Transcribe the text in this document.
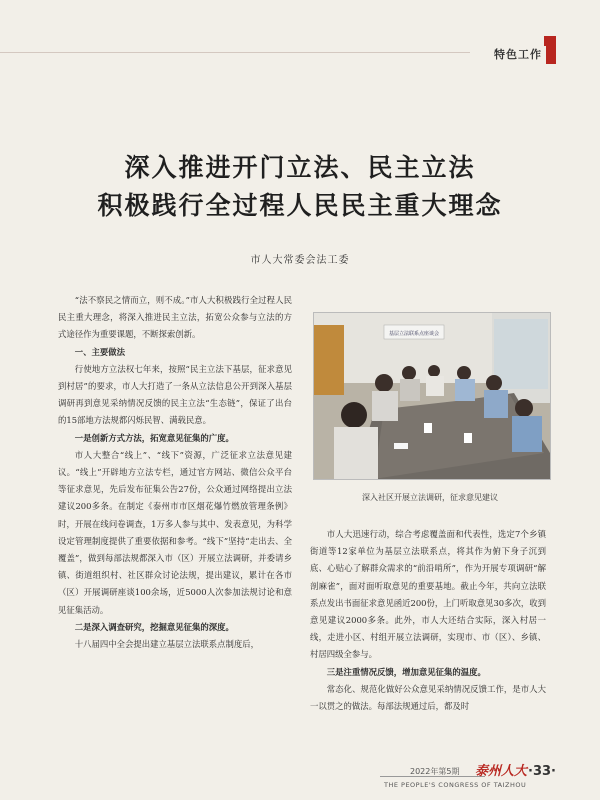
特色工作
深入推进开门立法、民主立法
积极践行全过程人民民主重大理念
市人大常委会法工委

“法不察民之情而立，则不成。”市人大积极践行全过程人民民主重大理念，将深入推进民主立法，拓宽公众参与立法的方式途径作为重要课题，不断探索创新。

一、主要做法

行使地方立法权七年来，按照“民主立法下基层，征求意见到村居”的要求，市人大打造了一条从立法信息公开到深入基层调研再到意见采纳情况反馈的民主立法“生态链”，保证了出台的15部地方法规都闪烁民智、满载民意。

一是创新方式方法，拓宽意见征集的广度。

市人大整合“线上”、“线下”资源，广泛征求立法意见建议。“线上”开辟地方立法专栏，通过官方网站、微信公众平台等征求意见，先后发布征集公告27份，公众通过网络提出立法建议200多条。在制定《泰州市市区烟花爆竹燃放管理条例》时，开展在线问卷调查，1万多人参与其中、发表意见，为科学设定管理制度提供了重要依据和参考。“线下”坚持“走出去、全覆盖”，做到每部法规都深入市（区）开展立法调研，并委请乡镇、街道组织村、社区群众讨论法规，提出建议，累计在各市（区）开展调研座谈100余场，近5000人次参加法规讨论和意见征集活动。

二是深入调查研究，挖掘意见征集的深度。

十八届四中全会提出建立基层立法联系点制度后，

基层立法联系点座谈会
深入社区开展立法调研，征求意见建议

市人大迅速行动，综合考虑覆盖面和代表性，选定7个乡镇街道等12家单位为基层立法联系点，将其作为俯下身子沉到底、心贴心了解群众需求的“前沿哨所”，作为开展专项调研“解剖麻雀”，面对面听取意见的重要基地。截止今年，共向立法联系点发出书面征求意见函近200份，上门听取意见30多次，收到意见建议2000多条。此外，市人大还结合实际，深入村居一线，走进小区、村组开展立法调研，实现市、市（区）、乡镇、村居四级全参与。

三是注重情况反馈，增加意见征集的温度。

常态化、规范化做好公众意见采纳情况反馈工作，是市人大一以贯之的做法。每部法规通过后，都及时

2022年第5期 泰州人大
THE PEOPLE'S CONGRESS OF TAIZHOU
·33·
